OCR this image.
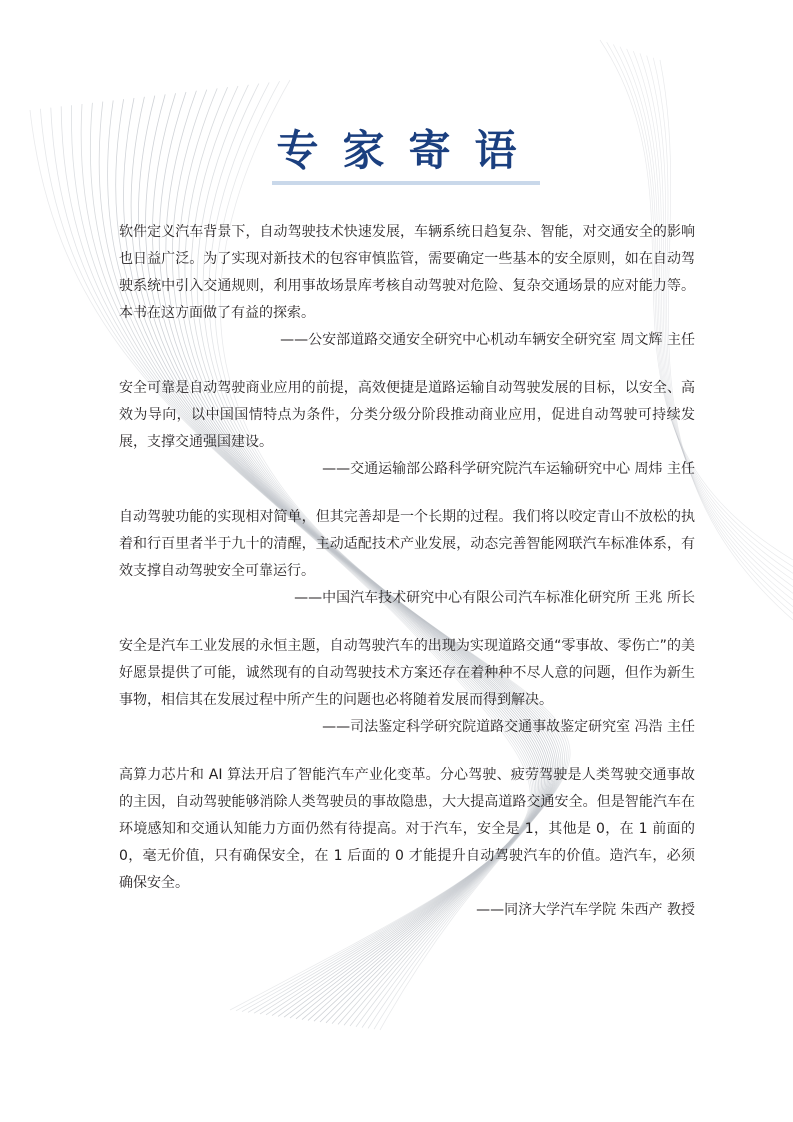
专家寄语

软件定义汽车背景下，自动驾驶技术快速发展，车辆系统日趋复杂、智能，对交通安全的影响也日益广泛。为了实现对新技术的包容审慎监管，需要确定一些基本的安全原则，如在自动驾驶系统中引入交通规则，利用事故场景库考核自动驾驶对危险、复杂交通场景的应对能力等。本书在这方面做了有益的探索。

——公安部道路交通安全研究中心机动车辆安全研究室 周文辉 主任

安全可靠是自动驾驶商业应用的前提，高效便捷是道路运输自动驾驶发展的目标，以安全、高效为导向，以中国国情特点为条件，分类分级分阶段推动商业应用，促进自动驾驶可持续发展，支撑交通强国建设。

——交通运输部公路科学研究院汽车运输研究中心 周炜 主任

自动驾驶功能的实现相对简单，但其完善却是一个长期的过程。我们将以咬定青山不放松的执着和行百里者半于九十的清醒，主动适配技术产业发展，动态完善智能网联汽车标准体系，有效支撑自动驾驶安全可靠运行。

——中国汽车技术研究中心有限公司汽车标准化研究所 王兆 所长

安全是汽车工业发展的永恒主题，自动驾驶汽车的出现为实现道路交通“零事故、零伤亡”的美好愿景提供了可能，诚然现有的自动驾驶技术方案还存在着种种不尽人意的问题，但作为新生事物，相信其在发展过程中所产生的问题也必将随着发展而得到解决。

——司法鉴定科学研究院道路交通事故鉴定研究室 冯浩 主任

高算力芯片和 AI 算法开启了智能汽车产业化变革。分心驾驶、疲劳驾驶是人类驾驶交通事故的主因，自动驾驶能够消除人类驾驶员的事故隐患，大大提高道路交通安全。但是智能汽车在环境感知和交通认知能力方面仍然有待提高。对于汽车，安全是 1，其他是 0，在 1 前面的 0，毫无价值，只有确保安全，在 1 后面的 0 才能提升自动驾驶汽车的价值。造汽车，必须确保安全。

——同济大学汽车学院 朱西产 教授
